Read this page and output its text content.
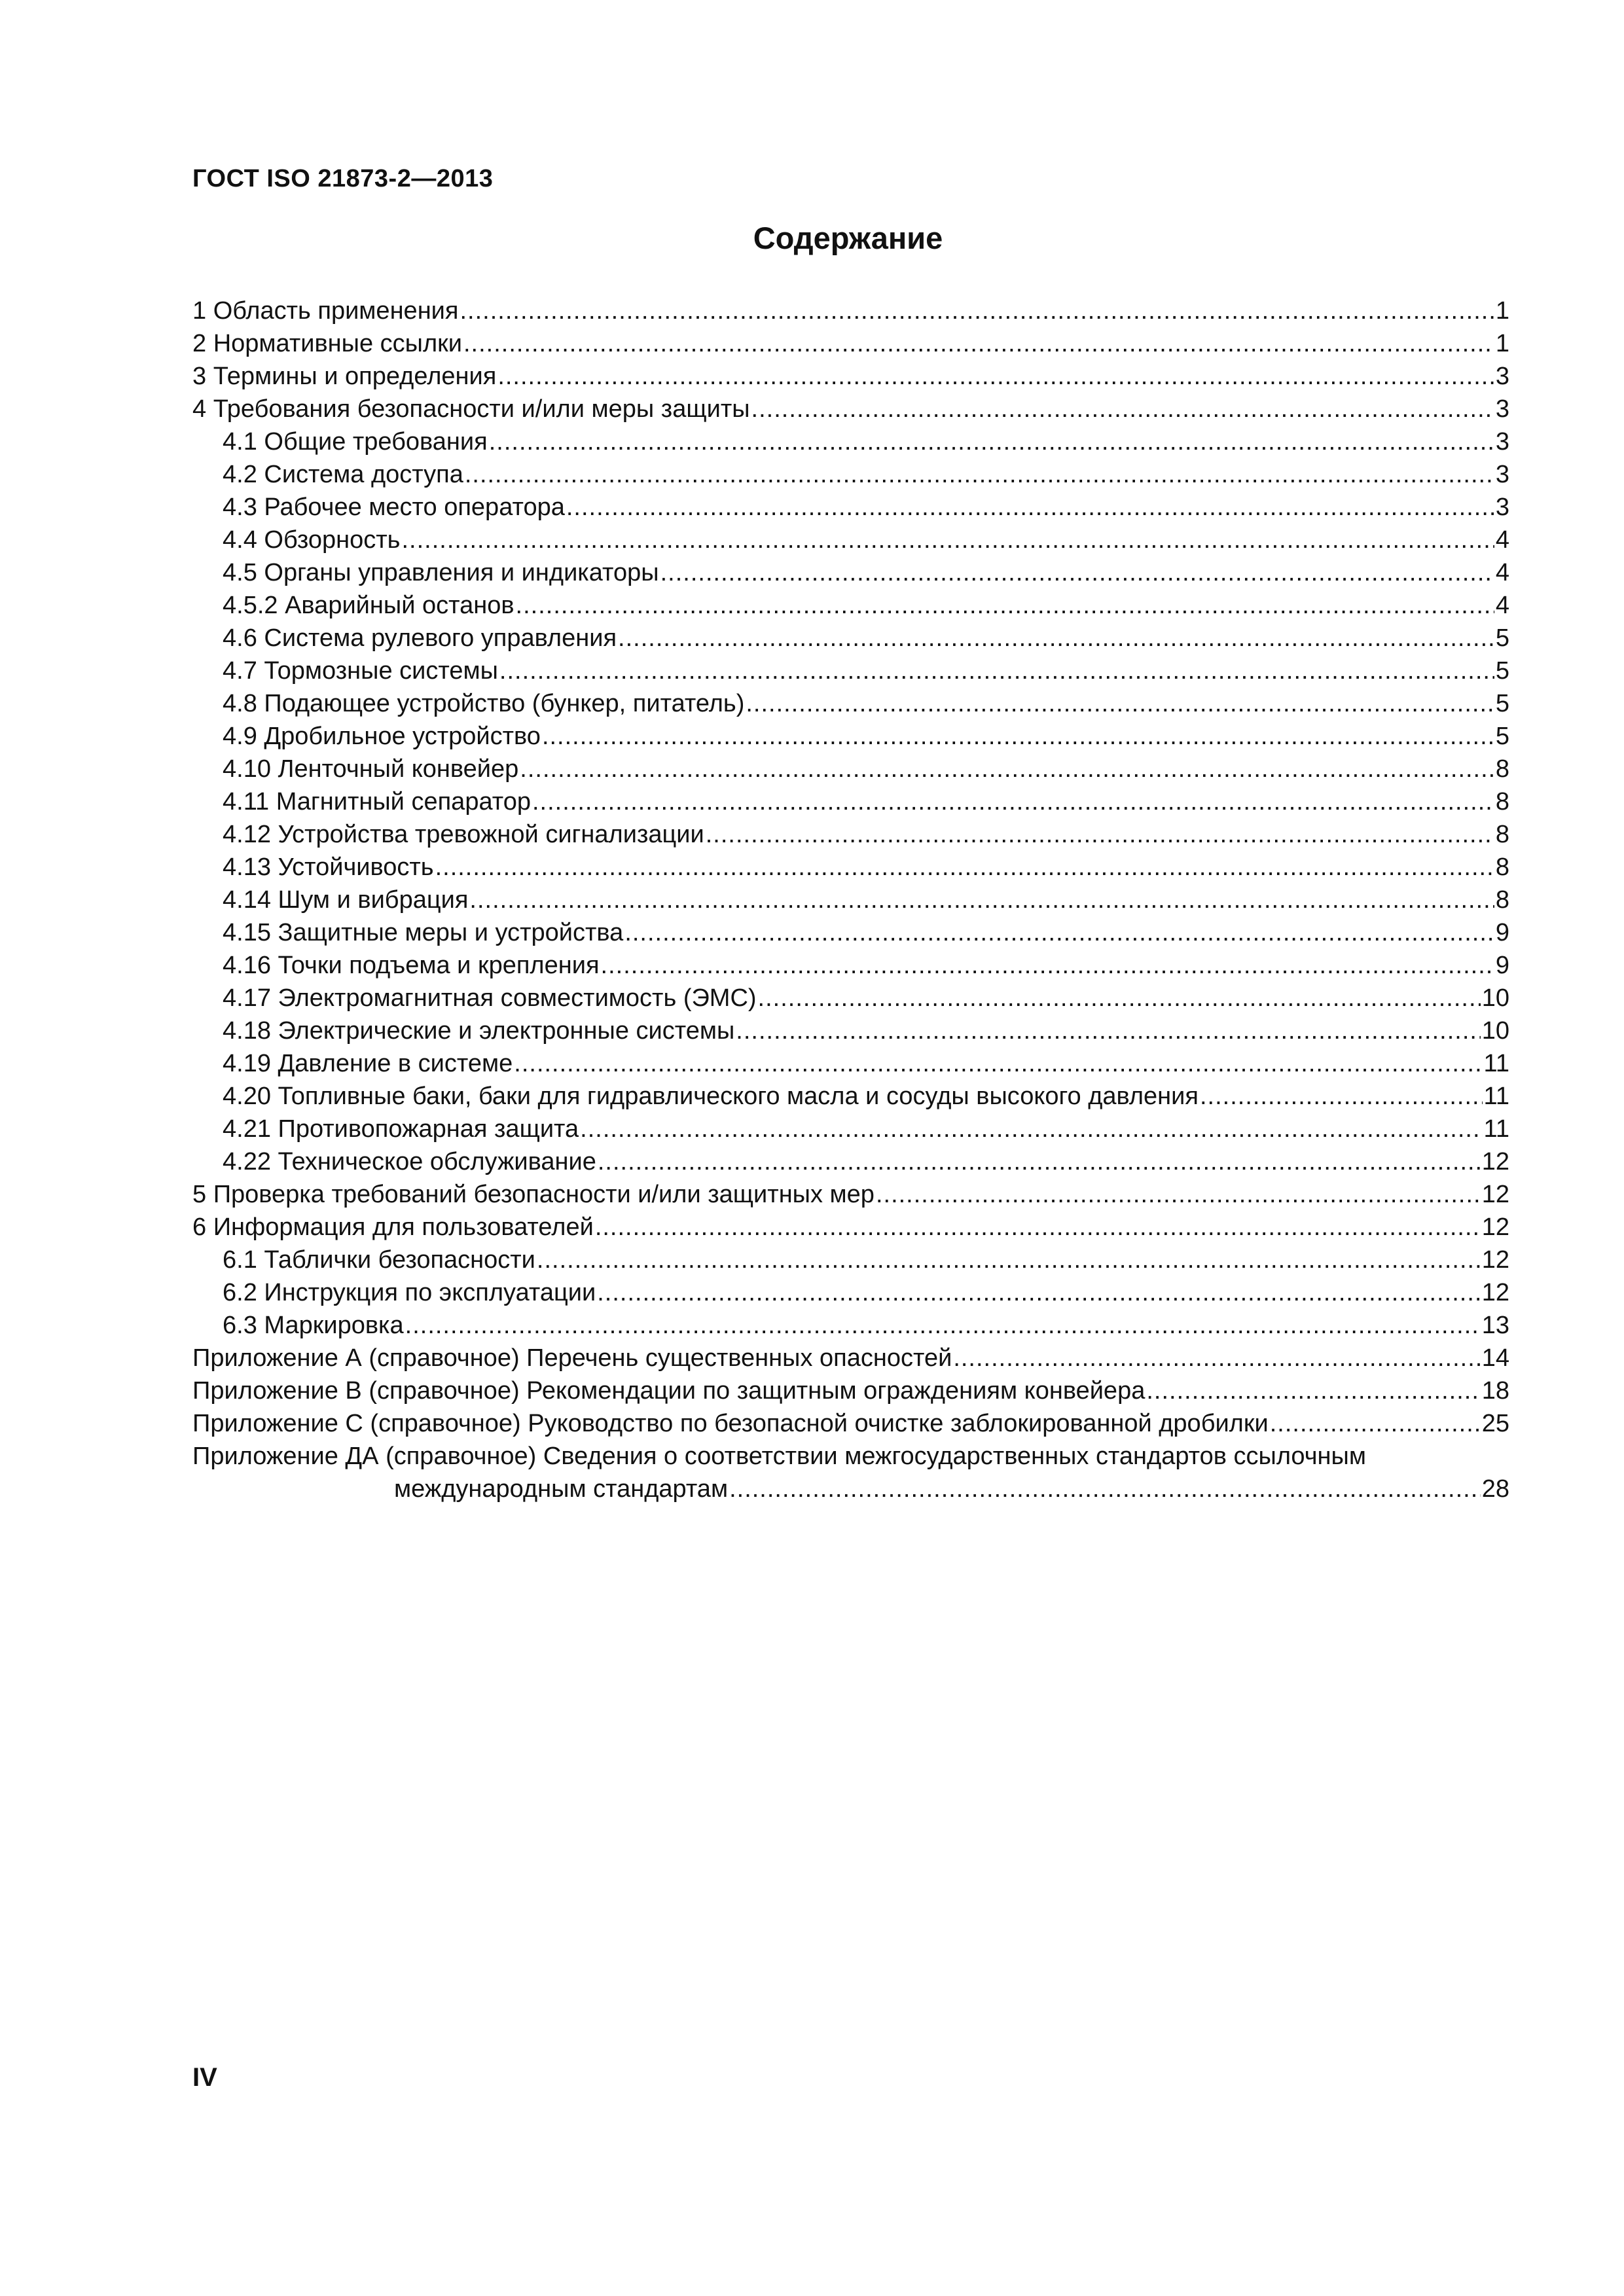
ГОСТ ISO 21873-2—2013
Содержание
1 Область применения .....	1
2 Нормативные ссылки .....	1
3 Термины и определения .....	3
4 Требования безопасности и/или меры защиты .....	3
4.1 Общие требования .....	3
4.2 Система доступа .....	3
4.3 Рабочее место оператора .....	3
4.4 Обзорность .....	4
4.5 Органы управления и индикаторы .....	4
4.5.2 Аварийный останов .....	4
4.6 Система рулевого управления .....	5
4.7 Тормозные системы .....	5
4.8 Подающее устройство (бункер, питатель) .....	5
4.9 Дробильное устройство .....	5
4.10 Ленточный конвейер .....	8
4.11 Магнитный сепаратор .....	8
4.12 Устройства тревожной сигнализации .....	8
4.13 Устойчивость .....	8
4.14 Шум и вибрация .....	8
4.15 Защитные меры и устройства .....	9
4.16 Точки подъема и крепления .....	9
4.17 Электромагнитная совместимость (ЭМС) .....	10
4.18 Электрические и электронные системы .....	10
4.19 Давление в системе .....	11
4.20 Топливные баки, баки для гидравлического масла и сосуды высокого давления .....	11
4.21 Противопожарная защита .....	11
4.22 Техническое обслуживание .....	12
5 Проверка требований безопасности и/или защитных мер .....	12
6 Информация для пользователей .....	12
6.1 Таблички безопасности .....	12
6.2 Инструкция по эксплуатации .....	12
6.3 Маркировка .....	13
Приложение А (справочное) Перечень существенных опасностей .....	14
Приложение В (справочное) Рекомендации по защитным ограждениям конвейера .....	18
Приложение С (справочное) Руководство по безопасной очистке заблокированной дробилки .....	25
Приложение ДА (справочное) Сведения о соответствии межгосударственных стандартов ссылочным
международным стандартам .....	28
IV
